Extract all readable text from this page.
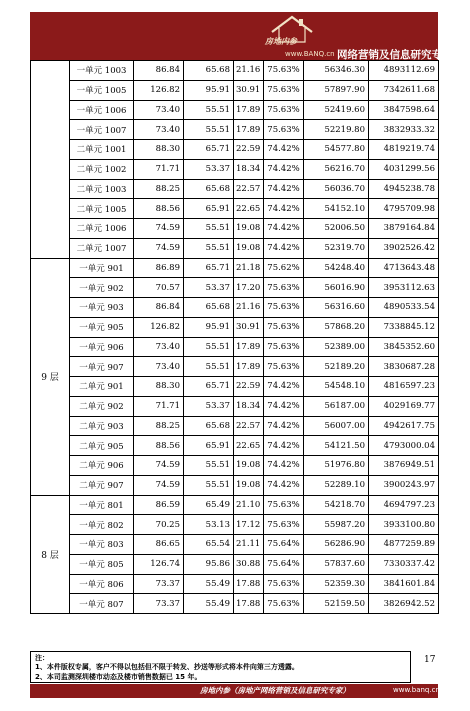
房地内参
www.BANQ.cn 网络营销及信息研究专家
	一单元 1003	86.84	65.68	21.16	75.63%	56346.30	4893112.69
	一单元 1005	126.82	95.91	30.91	75.63%	57897.90	7342611.68
	一单元 1006	73.40	55.51	17.89	75.63%	52419.60	3847598.64
	一单元 1007	73.40	55.51	17.89	75.63%	52219.80	3832933.32
	二单元 1001	88.30	65.71	22.59	74.42%	54577.80	4819219.74
	二单元 1002	71.71	53.37	18.34	74.42%	56216.70	4031299.56
	二单元 1003	88.25	65.68	22.57	74.42%	56036.70	4945238.78
	二单元 1005	88.56	65.91	22.65	74.42%	54152.10	4795709.98
	二单元 1006	74.59	55.51	19.08	74.42%	52006.50	3879164.84
	二单元 1007	74.59	55.51	19.08	74.42%	52319.70	3902526.42
9 层	一单元 901	86.89	65.71	21.18	75.62%	54248.40	4713643.48
	一单元 902	70.57	53.37	17.20	75.63%	56016.90	3953112.63
	一单元 903	86.84	65.68	21.16	75.63%	56316.60	4890533.54
	一单元 905	126.82	95.91	30.91	75.63%	57868.20	7338845.12
	一单元 906	73.40	55.51	17.89	75.63%	52389.00	3845352.60
	一单元 907	73.40	55.51	17.89	75.63%	52189.20	3830687.28
	二单元 901	88.30	65.71	22.59	74.42%	54548.10	4816597.23
	二单元 902	71.71	53.37	18.34	74.42%	56187.00	4029169.77
	二单元 903	88.25	65.68	22.57	74.42%	56007.00	4942617.75
	二单元 905	88.56	65.91	22.65	74.42%	54121.50	4793000.04
	二单元 906	74.59	55.51	19.08	74.42%	51976.80	3876949.51
	二单元 907	74.59	55.51	19.08	74.42%	52289.10	3900243.97
8 层	一单元 801	86.59	65.49	21.10	75.63%	54218.70	4694797.23
	一单元 802	70.25	53.13	17.12	75.63%	55987.20	3933100.80
	一单元 803	86.65	65.54	21.11	75.64%	56286.90	4877259.89
	一单元 805	126.74	95.86	30.88	75.64%	57837.60	7330337.42
	一单元 806	73.37	55.49	17.88	75.63%	52359.30	3841601.84
	一单元 807	73.37	55.49	17.88	75.63%	52159.50	3826942.52
注：
1、本件版权专属，客户不得以包括但不限于转发、抄送等形式将本件向第三方透露。
2、本司监测深圳楼市动态及楼市销售数据已 15 年。
17
房地内参（房地产网络营销及信息研究专家）	www.banq.cn
